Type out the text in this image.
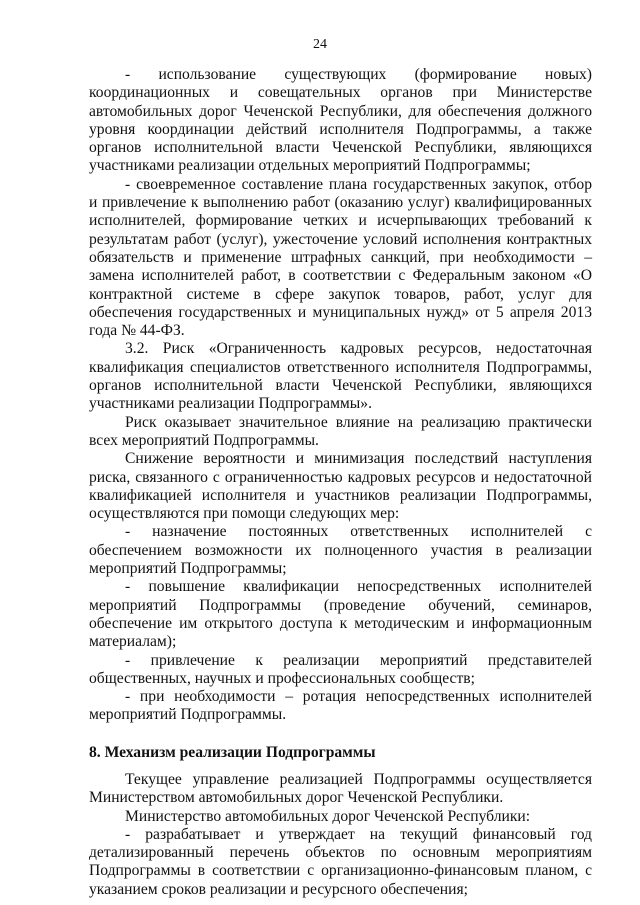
24

- использование существующих (формирование новых) координационных и совещательных органов при Министерстве автомобильных дорог Чеченской Республики, для обеспечения должного уровня координации действий исполнителя Подпрограммы, а также органов исполнительной власти Чеченской Республики, являющихся участниками реализации отдельных мероприятий Подпрограммы;

- своевременное составление плана государственных закупок, отбор и привлечение к выполнению работ (оказанию услуг) квалифицированных исполнителей, формирование четких и исчерпывающих требований к результатам работ (услуг), ужесточение условий исполнения контрактных обязательств и применение штрафных санкций, при необходимости – замена исполнителей работ, в соответствии с Федеральным законом «О контрактной системе в сфере закупок товаров, работ, услуг для обеспечения государственных и муниципальных нужд» от 5 апреля 2013 года № 44-ФЗ.

3.2. Риск «Ограниченность кадровых ресурсов, недостаточная квалификация специалистов ответственного исполнителя Подпрограммы, органов исполнительной власти Чеченской Республики, являющихся участниками реализации Подпрограммы».

Риск оказывает значительное влияние на реализацию практически всех мероприятий Подпрограммы.

Снижение вероятности и минимизация последствий наступления риска, связанного с ограниченностью кадровых ресурсов и недостаточной квалификацией исполнителя и участников реализации Подпрограммы, осуществляются при помощи следующих мер:

- назначение постоянных ответственных исполнителей с обеспечением возможности их полноценного участия в реализации мероприятий Подпрограммы;

- повышение квалификации непосредственных исполнителей мероприятий Подпрограммы (проведение обучений, семинаров, обеспечение им открытого доступа к методическим и информационным материалам);

- привлечение к реализации мероприятий представителей общественных, научных и профессиональных сообществ;

- при необходимости – ротация непосредственных исполнителей мероприятий Подпрограммы.

8. Механизм реализации Подпрограммы

Текущее управление реализацией Подпрограммы осуществляется Министерством автомобильных дорог Чеченской Республики.

Министерство автомобильных дорог Чеченской Республики:

- разрабатывает и утверждает на текущий финансовый год детализированный перечень объектов по основным мероприятиям Подпрограммы в соответствии с организационно-финансовым планом, с указанием сроков реализации и ресурсного обеспечения;
